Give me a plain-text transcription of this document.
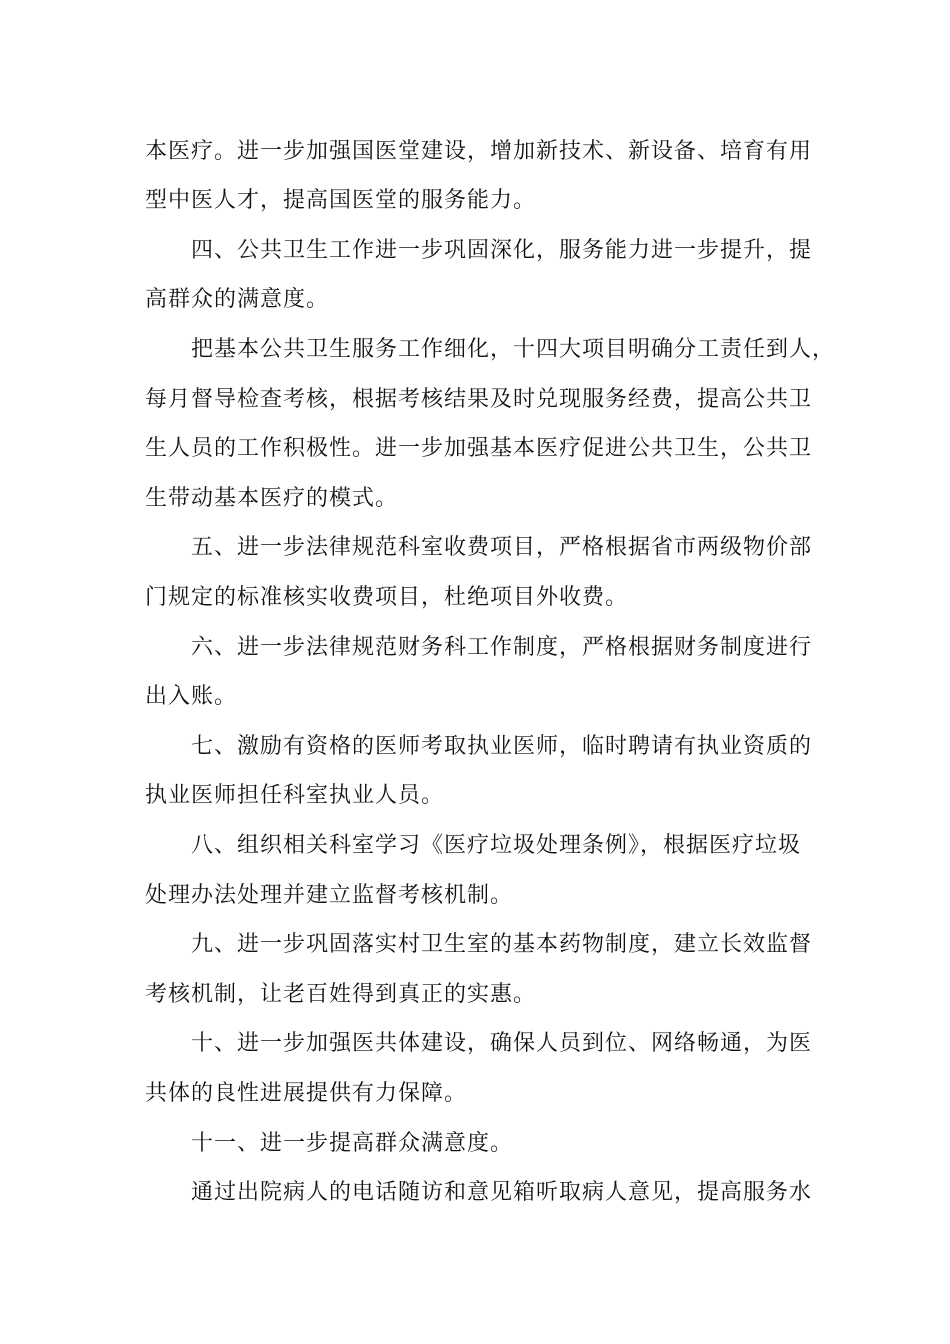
本医疗。进一步加强国医堂建设，增加新技术、新设备、培育有用
型中医人才，提高国医堂的服务能力。
四、公共卫生工作进一步巩固深化，服务能力进一步提升，提
高群众的满意度。
把基本公共卫生服务工作细化，十四大项目明确分工责任到人，
每月督导检查考核，根据考核结果及时兑现服务经费，提高公共卫
生人员的工作积极性。进一步加强基本医疗促进公共卫生，公共卫
生带动基本医疗的模式。
五、进一步法律规范科室收费项目，严格根据省市两级物价部
门规定的标准核实收费项目，杜绝项目外收费。
六、进一步法律规范财务科工作制度，严格根据财务制度进行
出入账。
七、激励有资格的医师考取执业医师，临时聘请有执业资质的
执业医师担任科室执业人员。
八、组织相关科室学习《医疗垃圾处理条例》，根据医疗垃圾
处理办法处理并建立监督考核机制。
九、进一步巩固落实村卫生室的基本药物制度，建立长效监督
考核机制，让老百姓得到真正的实惠。
十、进一步加强医共体建设，确保人员到位、网络畅通，为医
共体的良性进展提供有力保障。
十一、进一步提高群众满意度。
通过出院病人的电话随访和意见箱听取病人意见，提高服务水
